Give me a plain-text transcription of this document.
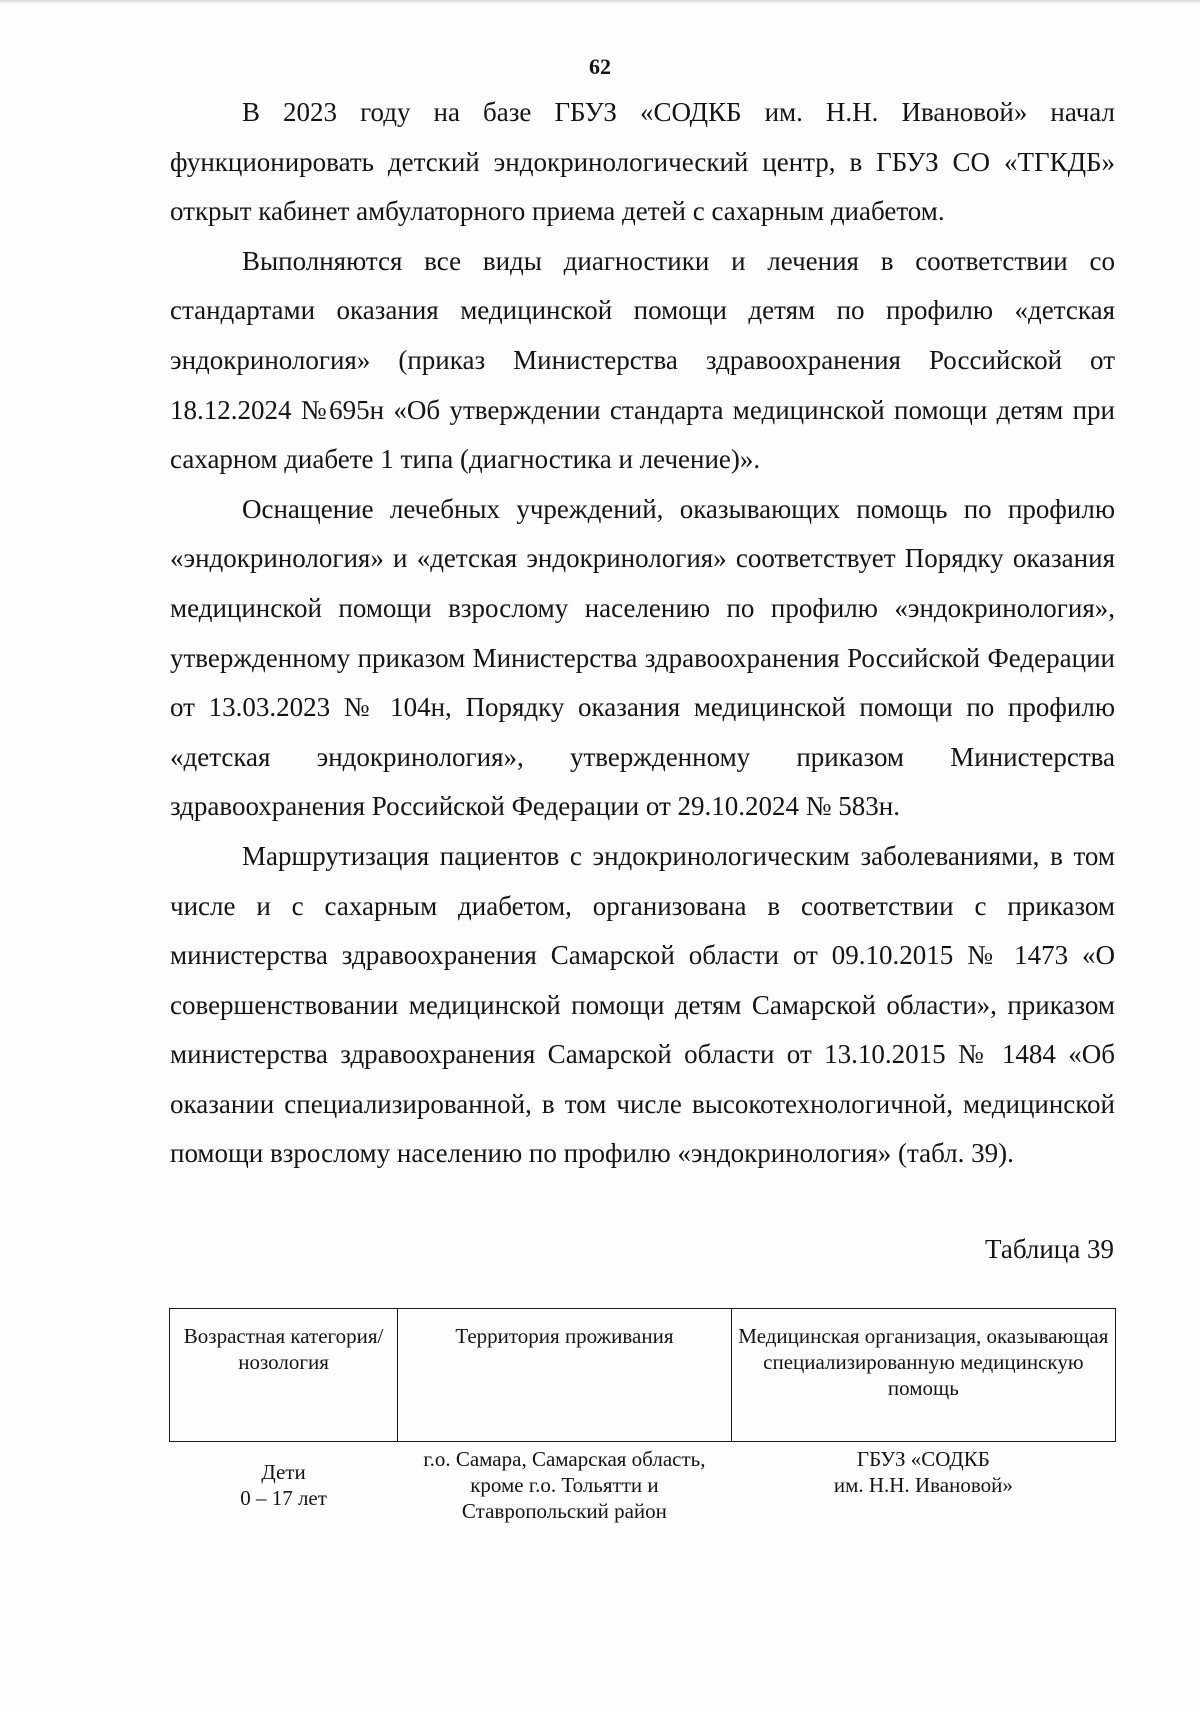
62

В 2023 году на базе ГБУЗ «СОДКБ им. Н.Н. Ивановой» начал функционировать детский эндокринологический центр, в ГБУЗ СО «ТГКДБ» открыт кабинет амбулаторного приема детей с сахарным диабетом.

Выполняются все виды диагностики и лечения в соответствии со стандартами оказания медицинской помощи детям по профилю «детская эндокринология» (приказ Министерства здравоохранения Российской от 18.12.2024 №695н «Об утверждении стандарта медицинской помощи детям при сахарном диабете 1 типа (диагностика и лечение)».

Оснащение лечебных учреждений, оказывающих помощь по профилю «эндокринология» и «детская эндокринология» соответствует Порядку оказания медицинской помощи взрослому населению по профилю «эндокринология», утвержденному приказом Министерства здравоохранения Российской Федерации от 13.03.2023 № 104н, Порядку оказания медицинской помощи по профилю «детская эндокринология», утвержденному приказом Министерства здравоохранения Российской Федерации от 29.10.2024 № 583н.

Маршрутизация пациентов с эндокринологическим заболеваниями, в том числе и с сахарным диабетом, организована в соответствии с приказом министерства здравоохранения Самарской области от 09.10.2015 № 1473 «О совершенствовании медицинской помощи детям Самарской области», приказом министерства здравоохранения Самарской области от 13.10.2015 № 1484 «Об оказании специализированной, в том числе высокотехнологичной, медицинской помощи взрослому населению по профилю «эндокринология» (табл. 39).

Таблица 39
Возрастная категория/нозология	Территория проживания	Медицинская организация, оказывающая специализированную медицинскую помощь
Дети
0 – 17 лет	г.о. Самара, Самарская область, кроме г.о. Тольятти и Ставропольский район	ГБУЗ «СОДКБ
им. Н.Н. Ивановой»
